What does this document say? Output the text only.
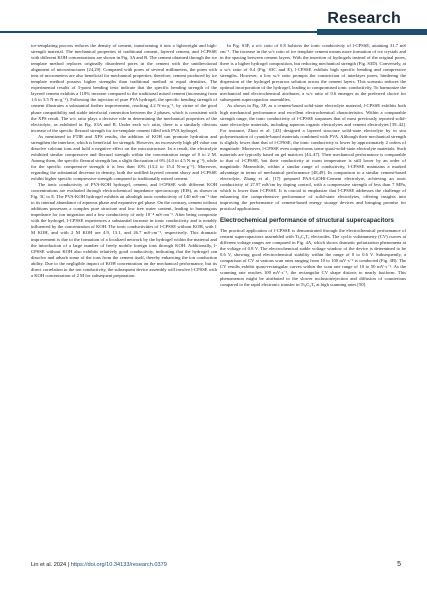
Research

ice-templating process reduces the density of cement, transforming it into a lightweight and high-strength material. The mechanical properties of traditional cement, layered cement, and l-CPSSE with different KOH concentrations are shown in Fig. 3A and B. The cement obtained through the ice template method replaces originally disordered pores in the cement with the unidirectional alignment of microstructures [24,29]. Compared with pores of several millimeters, the pores with tens of micrometers are also beneficial for mechanical properties; therefore, cement produced by ice template method possess higher strengths than traditional method at equal densities. The experimental results of 3-point bending tests indicate that the specific bending strength of the layered cement exhibits a 118% increase compared to the traditional mixed cement (increasing from 1.6 to 3.5 N·m·g⁻¹). Following the injection of pure PVA hydrogel, the specific bending strength of cement illustrates a substantial further improvement, reaching 4.2 N·m·g⁻¹, by virtue of the good phase compatibility and stable interfacial connection between the 2 phases, which is consistent with the XPS result. The w/c ratio plays a decisive role in determining the mechanical properties of the electrolyte, as exhibited in Fig. S3A and B. Under each w/c ratio, there is a similarly obvious increase of the specific flexural strength for ice-template cement filled with PVA hydrogel.

As mentioned in FTIR and XPS results, the addition of KOH can promote hydration and strengthen the interface, which is beneficial for strength. However, an excessively high pH value can dissolve calcium ions and hold a negative effect on the microstructure. In a result, the electrolyte exhibited similar compressive and flexural strength within the concentration range of 0 to 2 M. Among them, the specific flexural strength has a slight fluctuation of 6% (4.0 to 4.5 N·m·g⁻¹), while for the specific compressive strength it is less than 10% (13.2 to 15.4 N·m·g⁻¹). Moreover, regarding the substantial decrease in density, both the unfilled layered cement slurry and l-CPSSE exhibit higher specific compressive strength compared to traditionally mixed cement.

The ionic conductivity of PVA-KOH hydrogel, cement, and l-CPSSE with different KOH concentrations are evaluated through electrochemical impedance spectroscopy (EIS), as shown in Fig. 3C to E. The PVA-KOH hydrogel exhibits an ultrahigh ionic conductivity of 140 mS·cm⁻¹ due to its internal abundance of aqueous phase and expansive gel phase. On the contrary, cement without additions possesses a complex pore structure and low free water content, leading to humongous impedance for ion migration and a low conductivity of only 10⁻⁴ mS·cm⁻¹. After being composite with the hydrogel, l-CPSSE experiences a substantial increase in ionic conductivity and is notably influenced by the concentration of KOH. The ionic conductivities of l-CPSSE without KOH, with 1 M KOH, and with 2 M KOH are 4.9, 13.1, and 26.7 mS·cm⁻¹, respectively. This dramatic improvement is due to the formation of a localized network by the hydrogel within the material and the introduction of a large number of freely mobile foreign ions through KOH. Additionally, l-CPSSE without KOH also exhibits relatively good conductivity, indicating that the hydrogel can dissolve and adsorb some of the ions from the cement itself, thereby enhancing the ion conduction ability. Due to the negligible impact of KOH concentration on the mechanical performance, but its direct correlation to the ion conductivity, the subsequent device assembly will involve l-CPSSE with a KOH concentration of 2 M for subsequent preparation.

In Fig. S3F, a w/c ratio of 0.8 bolsters the ionic conductivity of l-CPSSE, attaining 31.7 mS cm⁻¹. The increase in the w/c ratio of ice template cement means more formation of ice crystals and in the spacing between cement layers. With the insertion of hydrogels instead of the original pores, there is a higher hydrogel composition, but reducing mechanical strength (Fig. S3D). Conversely, at a w/c ratio of 0.4 (Fig. S3C and E), l-CPSSE exhibits high specific bending and compressive strengths. However, a low w/c ratio prompts the constriction of interlayer pores, hindering the dispersion of the hydrogel precursor solution across the cement layers. This scenario reduces the optimal incorporation of the hydrogel, leading to compromised ionic conductivity. To harmonize the mechanical and electrochemical attributes, a w/c ratio of 0.6 emerges as the preferred choice for subsequent supercapacitor assemblies.

As shown in Fig. 3F, as a cement-based solid-state electrolyte material, l-CPSSE exhibits both high mechanical performance and excellent electrochemical characteristics. Within a comparable strength range, the ionic conductivity of l-CPSSE surpasses that of most previously reported solid-state electrolyte materials, including aqueous organic electrolytes and cement electrolytes [39–42]. For instance, Zhou et al. [43] designed a layered structure solid-state electrolyte by in situ polymerization of cyanide-based materials combined with PVA. Although their mechanical strength is slightly lower than that of l-CPSSE, the ionic conductivity is lower by approximately 2 orders of magnitude. Moreover, l-CPSSE even outperforms some quasi-solid-state electrolyte materials. Such materials are typically based on gel matrices [44–47]. Their mechanical performance is comparable to that of l-CPSSE, but their conductivity at room temperature is still lower by an order of magnitude. Meanwhile, within a similar range of conductivity, l-CPSSE maintains a marked advantage in terms of mechanical performance [48,49]. In comparison to a similar cement-based electrolyte, Zhang et al. [17] prepared PAA-LiOHf-Cement electrolyte, achieving an ionic conductivity of 27.97 mS/cm by doping control, with a compressive strength of less than 7 MPa, which is lower than l-CPSSE. It is crucial to emphasize that l-CPSSE addresses the challenge of enhancing the comprehensive performance of solid-state electrolytes, offering insights into improving the performance of cement-based energy storage devices and bringing promise for practical applications.

Electrochemical performance of structural supercapacitors

The practical application of l-CPSSE is demonstrated through the electrochemical performance of cement supercapacitors assembled with Ti₃C₂Tₓ electrodes. The cyclic voltammetry (CV) curves at different voltage ranges are compared in Fig. 4A, which shows dramatic polarization phenomena at the voltage of 0.8 V. The electrochemical stable voltage window of the device is determined to be 0.6 V, showing good electrochemical stability within the range of 0 to 0.6 V. Subsequently, a comparison of CV at various scan rates ranging from 10 to 100 mV·s⁻¹ is conducted (Fig. 4B). The CV results exhibit quasi-rectangular curves within the scan rate range of 10 to 50 mV·s⁻¹. As the scanning rate reaches 100 mV·s⁻¹, the rectangular CV shape distorts to nearly fusiform. This phenomenon might be attributed to the slower inclusion/ejection and diffusion of counterions compared to the rapid electronic transfer in Ti₃C₂Tₓ at high scanning rates [50].

Lin et al. 2024 | https://doi.org/10.34133/research.0379	5
